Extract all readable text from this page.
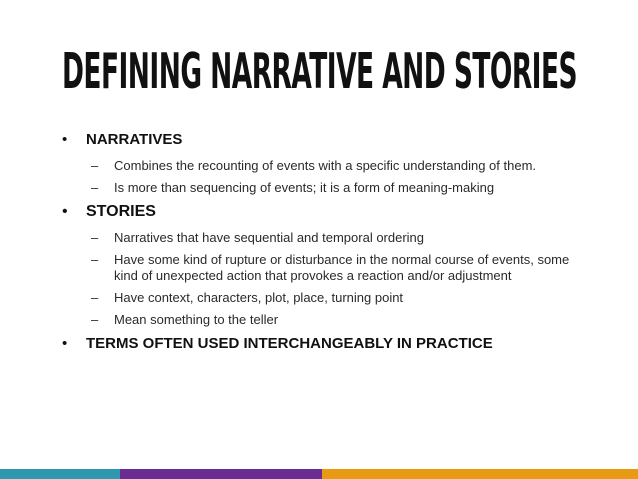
DEFINING NARRATIVE AND STORIES
• NARRATIVES
– Combines the recounting of events with a specific understanding of them.
– Is more than sequencing of events; it is a form of meaning-making
• STORIES
– Narratives that have sequential and temporal ordering
– Have some kind of rupture or disturbance in the normal course of events, some kind of unexpected action that provokes a reaction and/or adjustment
– Have context, characters, plot, place, turning point
– Mean something to the teller
• TERMS OFTEN USED INTERCHANGEABLY IN PRACTICE
